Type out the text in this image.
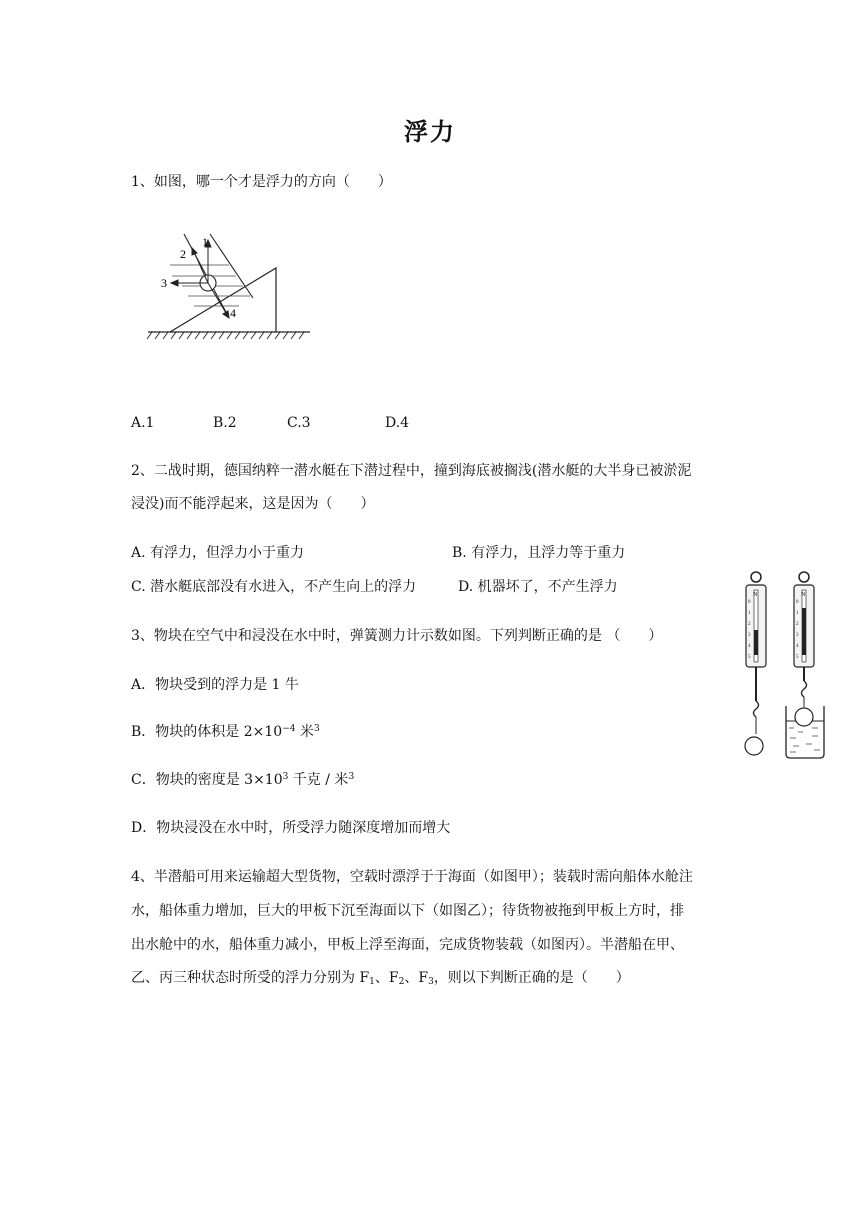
浮力
1、如图，哪一个才是浮力的方向（　　）
1
2
3
4
A.1	B.2	C.3	D.4
2、二战时期，德国纳粹一潜水艇在下潜过程中，撞到海底被搁浅(潜水艇的大半身已被淤泥
浸没)而不能浮起来，这是因为（　　）
A. 有浮力，但浮力小于重力	B. 有浮力，且浮力等于重力
C. 潜水艇底部没有水进入，不产生向上的浮力	D. 机器坏了，不产生浮力
3、物块在空气中和浸没在水中时，弹簧测力计示数如图。下列判断正确的是 （　　）
A．物块受到的浮力是 1 牛
B．物块的体积是 $2\times 10^{-4}$ 米$^3$
C．物块的密度是 $3\times 10^3$ 千克 / 米$^3$
D．物块浸没在水中时，所受浮力随深度增加而增大
N
0
1
2
3
4
5
N
0
1
2
3
4
5
4、半潜船可用来运输超大型货物，空载时漂浮于于海面（如图甲）；装载时需向船体水舱注
水，船体重力增加，巨大的甲板下沉至海面以下（如图乙）；待货物被拖到甲板上方时，排
出水舱中的水，船体重力减小，甲板上浮至海面，完成货物装载（如图丙）。半潜船在甲、
乙、丙三种状态时所受的浮力分别为 $F_1$、$F_2$、$F_3$，则以下判断正确的是（　　）
